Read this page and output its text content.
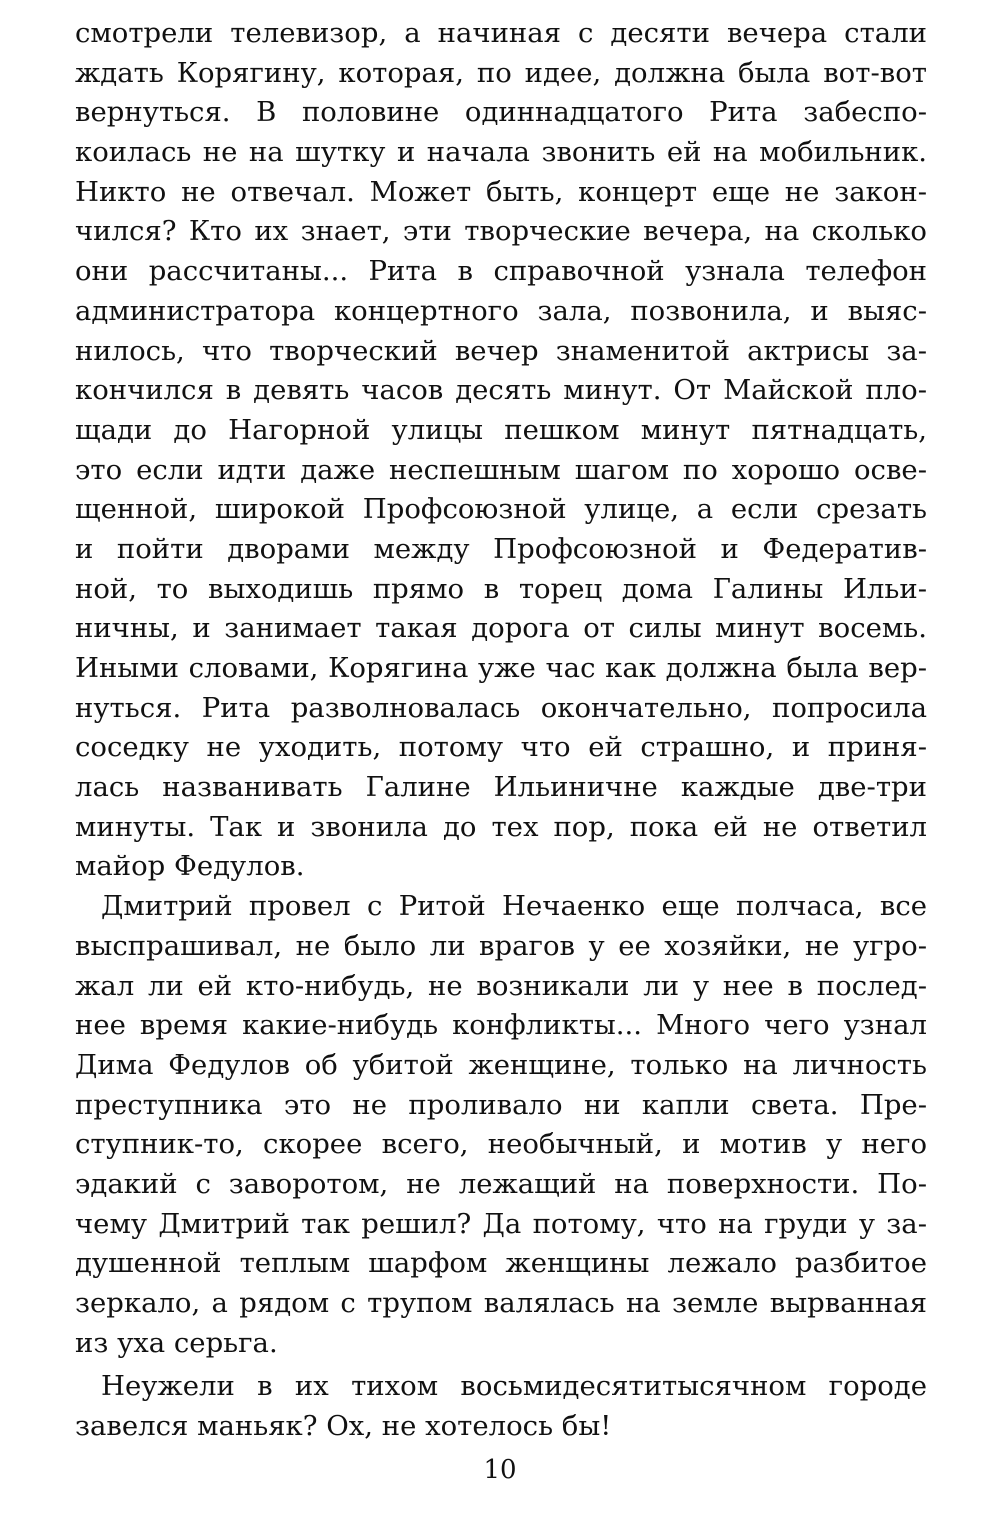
смотрели телевизор, а начиная с десяти вечера стали
ждать Корягину, которая, по идее, должна была вот-вот
вернуться. В половине одиннадцатого Рита забеспо-
коилась не на шутку и начала звонить ей на мобильник.
Никто не отвечал. Может быть, концерт еще не закон-
чился? Кто их знает, эти творческие вечера, на сколько
они рассчитаны... Рита в справочной узнала телефон
администратора концертного зала, позвонила, и выяс-
нилось, что творческий вечер знаменитой актрисы за-
кончился в девять часов десять минут. От Майской пло-
щади до Нагорной улицы пешком минут пятнадцать,
это если идти даже неспешным шагом по хорошо осве-
щенной, широкой Профсоюзной улице, а если срезать
и пойти дворами между Профсоюзной и Федератив-
ной, то выходишь прямо в торец дома Галины Ильи-
ничны, и занимает такая дорога от силы минут восемь.
Иными словами, Корягина уже час как должна была вер-
нуться. Рита разволновалась окончательно, попросила
соседку не уходить, потому что ей страшно, и приня-
лась названивать Галине Ильиничне каждые две-три
минуты. Так и звонила до тех пор, пока ей не ответил
майор Федулов.
Дмитрий провел с Ритой Нечаенко еще полчаса, все
выспрашивал, не было ли врагов у ее хозяйки, не угро-
жал ли ей кто-нибудь, не возникали ли у нее в послед-
нее время какие-нибудь конфликты... Много чего узнал
Дима Федулов об убитой женщине, только на личность
преступника это не проливало ни капли света. Пре-
ступник-то, скорее всего, необычный, и мотив у него
эдакий с заворотом, не лежащий на поверхности. По-
чему Дмитрий так решил? Да потому, что на груди у за-
душенной теплым шарфом женщины лежало разбитое
зеркало, а рядом с трупом валялась на земле вырванная
из уха серьга.
Неужели в их тихом восьмидесятитысячном городе
завелся маньяк? Ох, не хотелось бы!
10
